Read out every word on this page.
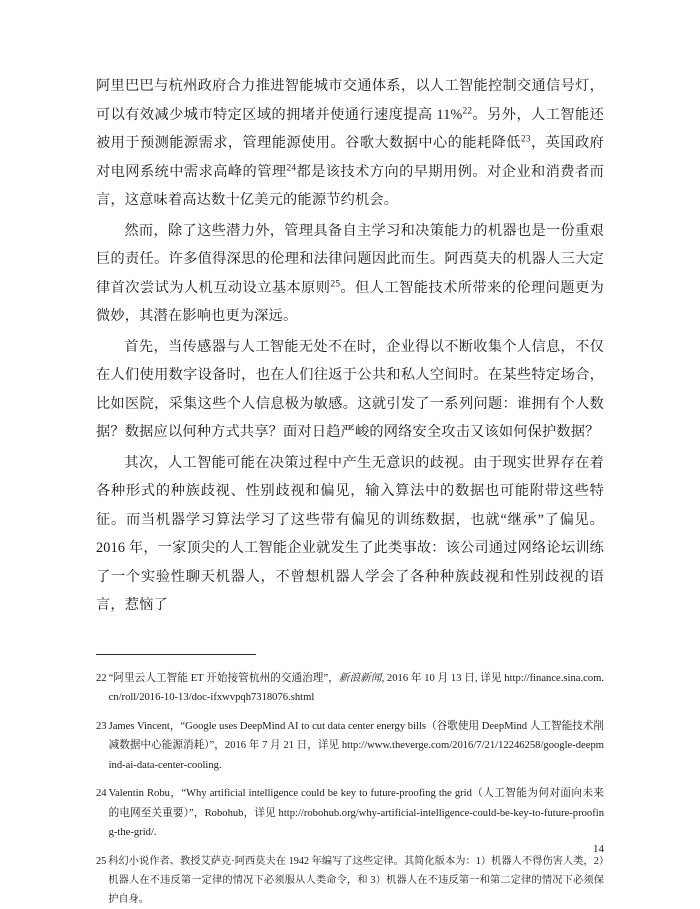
阿里巴巴与杭州政府合力推进智能城市交通体系，以人工智能控制交通信号灯，可以有效减少城市特定区域的拥堵并使通行速度提高 11%$^{22}$。另外，人工智能还被用于预测能源需求，管理能源使用。谷歌大数据中心的能耗降低$^{23}$，英国政府对电网系统中需求高峰的管理$^{24}$都是该技术方向的早期用例。对企业和消费者而言，这意味着高达数十亿美元的能源节约机会。

然而，除了这些潜力外，管理具备自主学习和决策能力的机器也是一份重艰巨的责任。许多值得深思的伦理和法律问题因此而生。阿西莫夫的机器人三大定律首次尝试为人机互动设立基本原则$^{25}$。但人工智能技术所带来的伦理问题更为微妙，其潜在影响也更为深远。

首先，当传感器与人工智能无处不在时，企业得以不断收集个人信息，不仅在人们使用数字设备时，也在人们往返于公共和私人空间时。在某些特定场合，比如医院，采集这些个人信息极为敏感。这就引发了一系列问题：谁拥有个人数据？数据应以何种方式共享？面对日趋严峻的网络安全攻击又该如何保护数据？

其次，人工智能可能在决策过程中产生无意识的歧视。由于现实世界存在着各种形式的种族歧视、性别歧视和偏见，输入算法中的数据也可能附带这些特征。而当机器学习算法学习了这些带有偏见的训练数据，也就“继承”了偏见。2016 年，一家顶尖的人工智能企业就发生了此类事故：该公司通过网络论坛训练了一个实验性聊天机器人，不曾想机器人学会了各种种族歧视和性别歧视的语言，惹恼了

22 “阿里云人工智能 ET 开始接管杭州的交通治理”，新浪新闻, 2016 年 10 月 13 日, 详见 http://finance.sina.com.cn/roll/2016-10-13/doc-ifxwvpqh7318076.shtml
23 James Vincent，“Google uses DeepMind AI to cut data center energy bills（谷歌使用 DeepMind 人工智能技术削减数据中心能源消耗）”，2016 年 7 月 21 日，详见 http://www.theverge.com/2016/7/21/12246258/google-deepmind-ai-data-center-cooling.
24 Valentin Robu，“Why artificial intelligence could be key to future-proofing the grid（人工智能为何对面向未来的电网至关重要）”，Robohub，详见 http://robohub.org/why-artificial-intelligence-could-be-key-to-future-proofing-the-grid/.
25 科幻小说作者、教授艾萨克·阿西莫夫在 1942 年编写了这些定律。其简化版本为：1）机器人不得伤害人类，2）机器人在不违反第一定律的情况下必须服从人类命令，和 3）机器人在不违反第一和第二定律的情况下必须保护自身。
14
